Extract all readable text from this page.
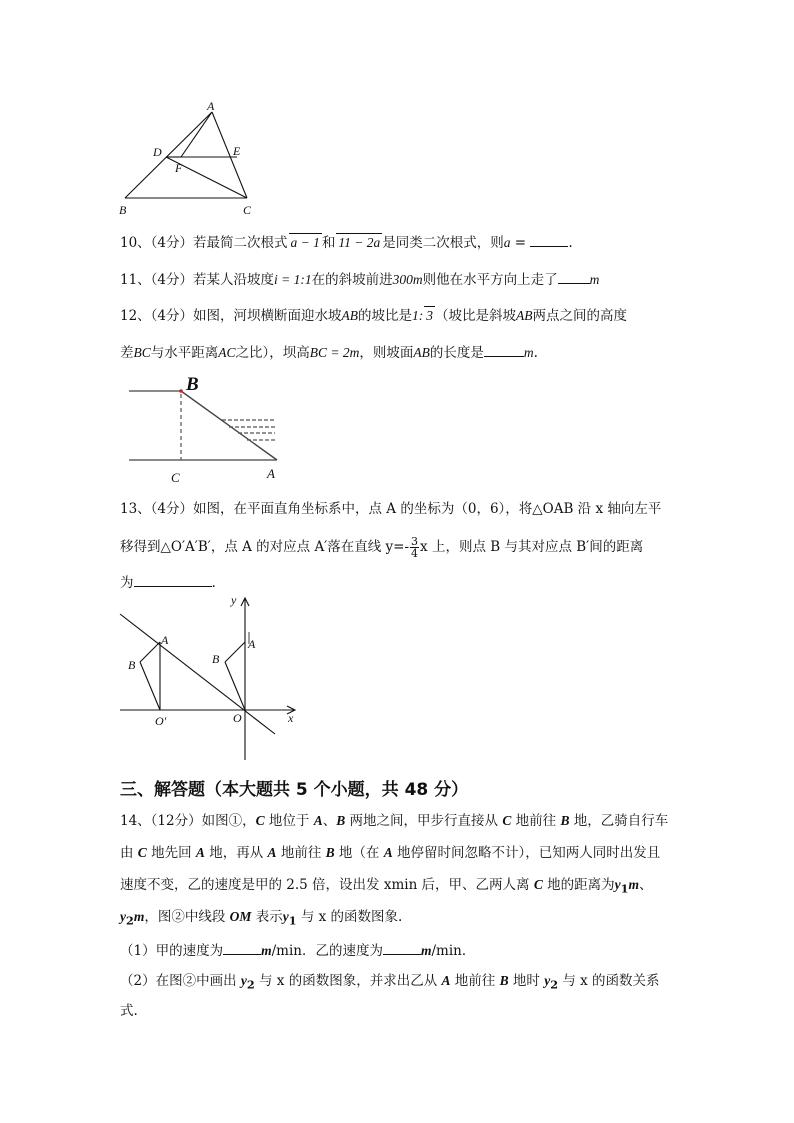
A
D	E
F
B	C
10、（4分）若最简二次根式 a − 1 和 11 − 2a 是同类二次根式，则a =	.
11、（4分）若某人沿坡度i = 1:1在的斜坡前进300m则他在水平方向上走了 m
12、（4分）如图，河坝横断面迎水坡AB的坡比是1: 3 （坡比是斜坡AB两点之间的高度
差BC与水平距离AC之比），坝高BC = 2m，则坡面AB的长度是	m.
B
C	A
13、（4分）如图，在平面直角坐标系中，点 A 的坐标为（0，6），将△OAB 沿 x 轴向左平
移得到△O′A′B′，点 A 的对应点 A′落在直线 $y=- \frac{3}{4}$ x 上，则点 B 与其对应点 B′间的距离
为	.
y
x
A
B
O′
A
B
O
三、解答题（本大题共 5 个小题，共 48 分）
14、（12分）如图①，C 地位于 A、B 两地之间，甲步行直接从 C 地前往 B 地，乙骑自行车
由 C 地先回 A 地，再从 A 地前往 B 地（在 A 地停留时间忽略不计），已知两人同时出发且
速度不变，乙的速度是甲的 2.5 倍，设出发 xmin 后，甲、乙两人离 C 地的距离为$y_1m$、
$y_2m$，图②中线段 OM 表示$y_1$ 与 x 的函数图象.
（1）甲的速度为	m/min．乙的速度为	m/min．
（2）在图②中画出 $y_2$ 与 x 的函数图象，并求出乙从 A 地前往 B 地时 $y_2$ 与 x 的函数关系
式.
